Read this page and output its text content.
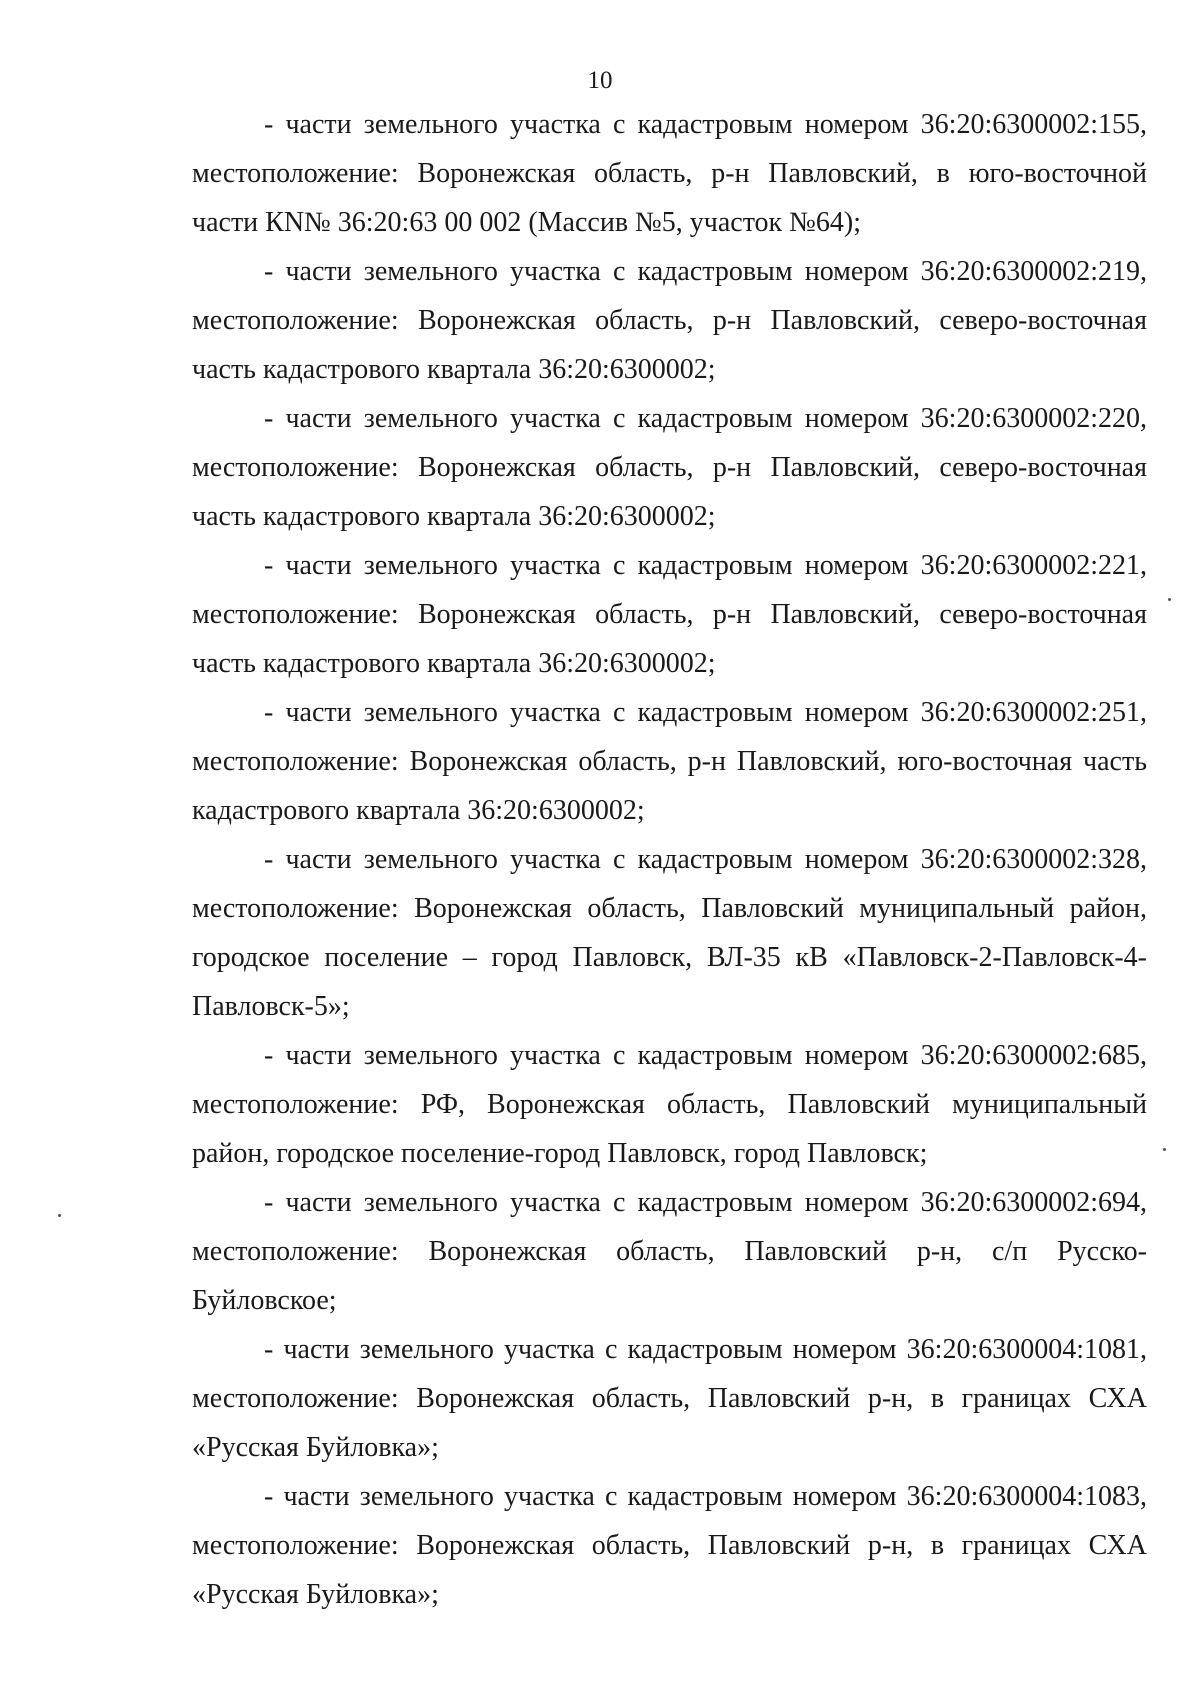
10

- части земельного участка с кадастровым номером 36:20:6300002:155, местоположение: Воронежская область, р-н Павловский, в юго-восточной части КN№ 36:20:63 00 002 (Массив №5, участок №64);

- части земельного участка с кадастровым номером 36:20:6300002:219, местоположение: Воронежская область, р-н Павловский, северо-восточная часть кадастрового квартала 36:20:6300002;

- части земельного участка с кадастровым номером 36:20:6300002:220, местоположение: Воронежская область, р-н Павловский, северо-восточная часть кадастрового квартала 36:20:6300002;

- части земельного участка с кадастровым номером 36:20:6300002:221, местоположение: Воронежская область, р-н Павловский, северо-восточная часть кадастрового квартала 36:20:6300002;

- части земельного участка с кадастровым номером 36:20:6300002:251, местоположение: Воронежская область, р-н Павловский, юго-восточная часть кадастрового квартала 36:20:6300002;

- части земельного участка с кадастровым номером 36:20:6300002:328, местоположение: Воронежская область, Павловский муниципальный район, городское поселение – город Павловск, ВЛ-35 кВ «Павловск-2-Павловск-4-Павловск-5»;

- части земельного участка с кадастровым номером 36:20:6300002:685, местоположение: РФ, Воронежская область, Павловский муниципальный район, городское поселение-город Павловск, город Павловск;

- части земельного участка с кадастровым номером 36:20:6300002:694, местоположение: Воронежская область, Павловский р-н, с/п Русско-Буйловское;

- части земельного участка с кадастровым номером 36:20:6300004:1081, местоположение: Воронежская область, Павловский р-н, в границах СХА «Русская Буйловка»;

- части земельного участка с кадастровым номером 36:20:6300004:1083, местоположение: Воронежская область, Павловский р-н, в границах СХА «Русская Буйловка»;
